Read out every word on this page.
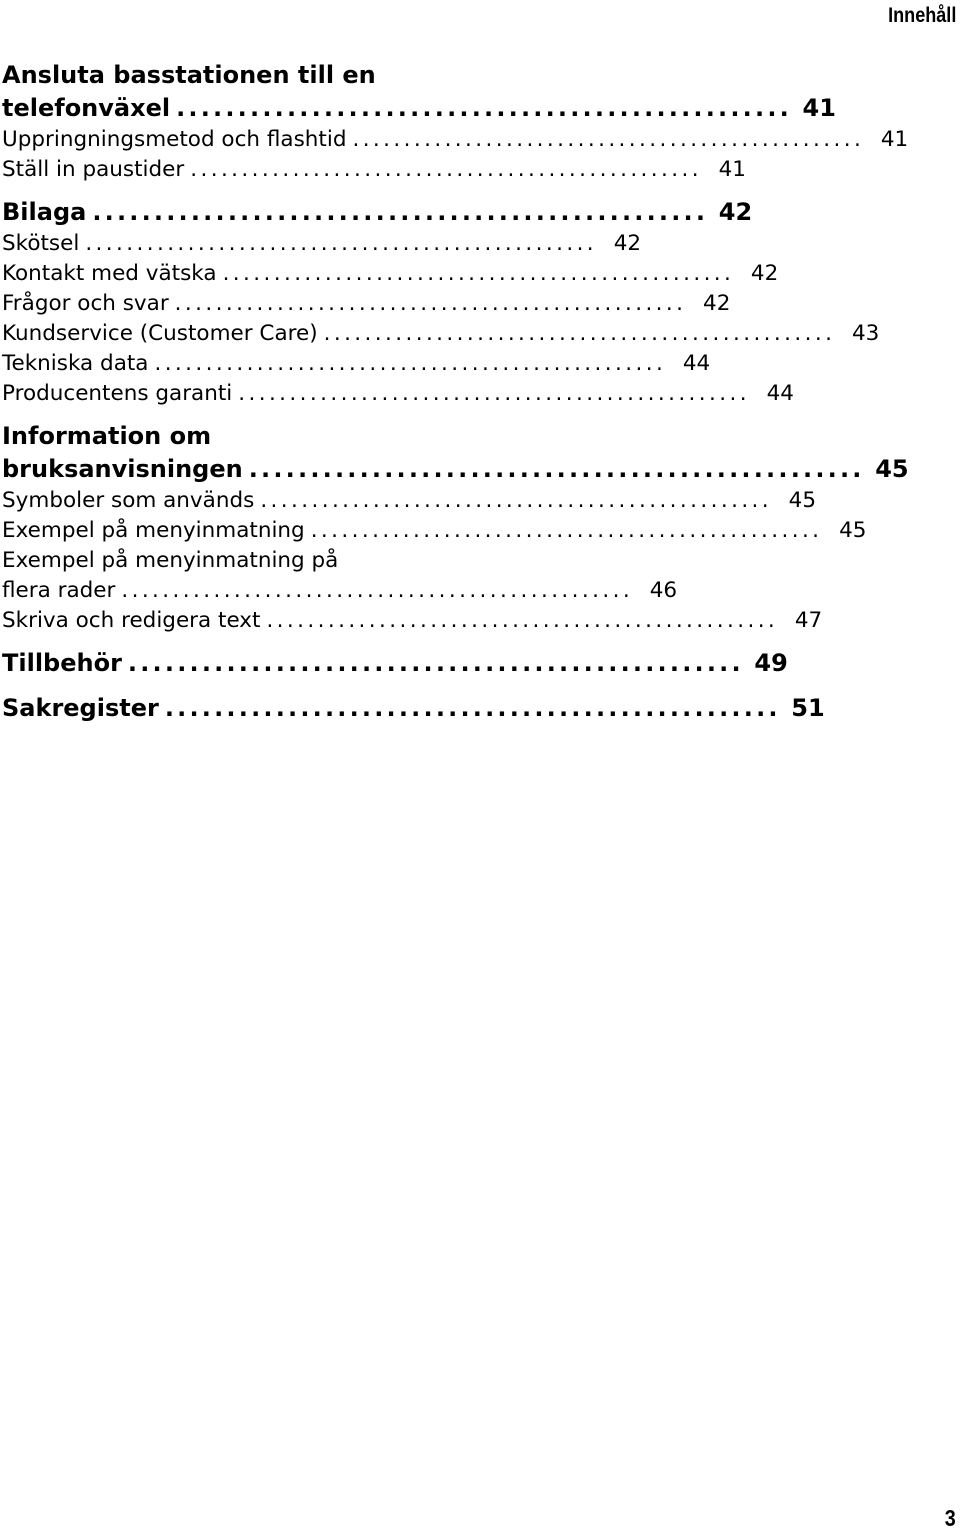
Innehåll
Ansluta basstationen till en
telefonväxel .................................................. 41
Uppringningsmetod och flashtid .................................................. 41
Ställ in paustider .................................................. 41
Bilaga .................................................. 42
Skötsel .................................................. 42
Kontakt med vätska .................................................. 42
Frågor och svar .................................................. 42
Kundservice (Customer Care) .................................................. 43
Tekniska data .................................................. 44
Producentens garanti .................................................. 44
Information om
bruksanvisningen .................................................. 45
Symboler som används .................................................. 45
Exempel på menyinmatning .................................................. 45
Exempel på menyinmatning på
flera rader .................................................. 46
Skriva och redigera text .................................................. 47
Tillbehör .................................................. 49
Sakregister .................................................. 51
3
